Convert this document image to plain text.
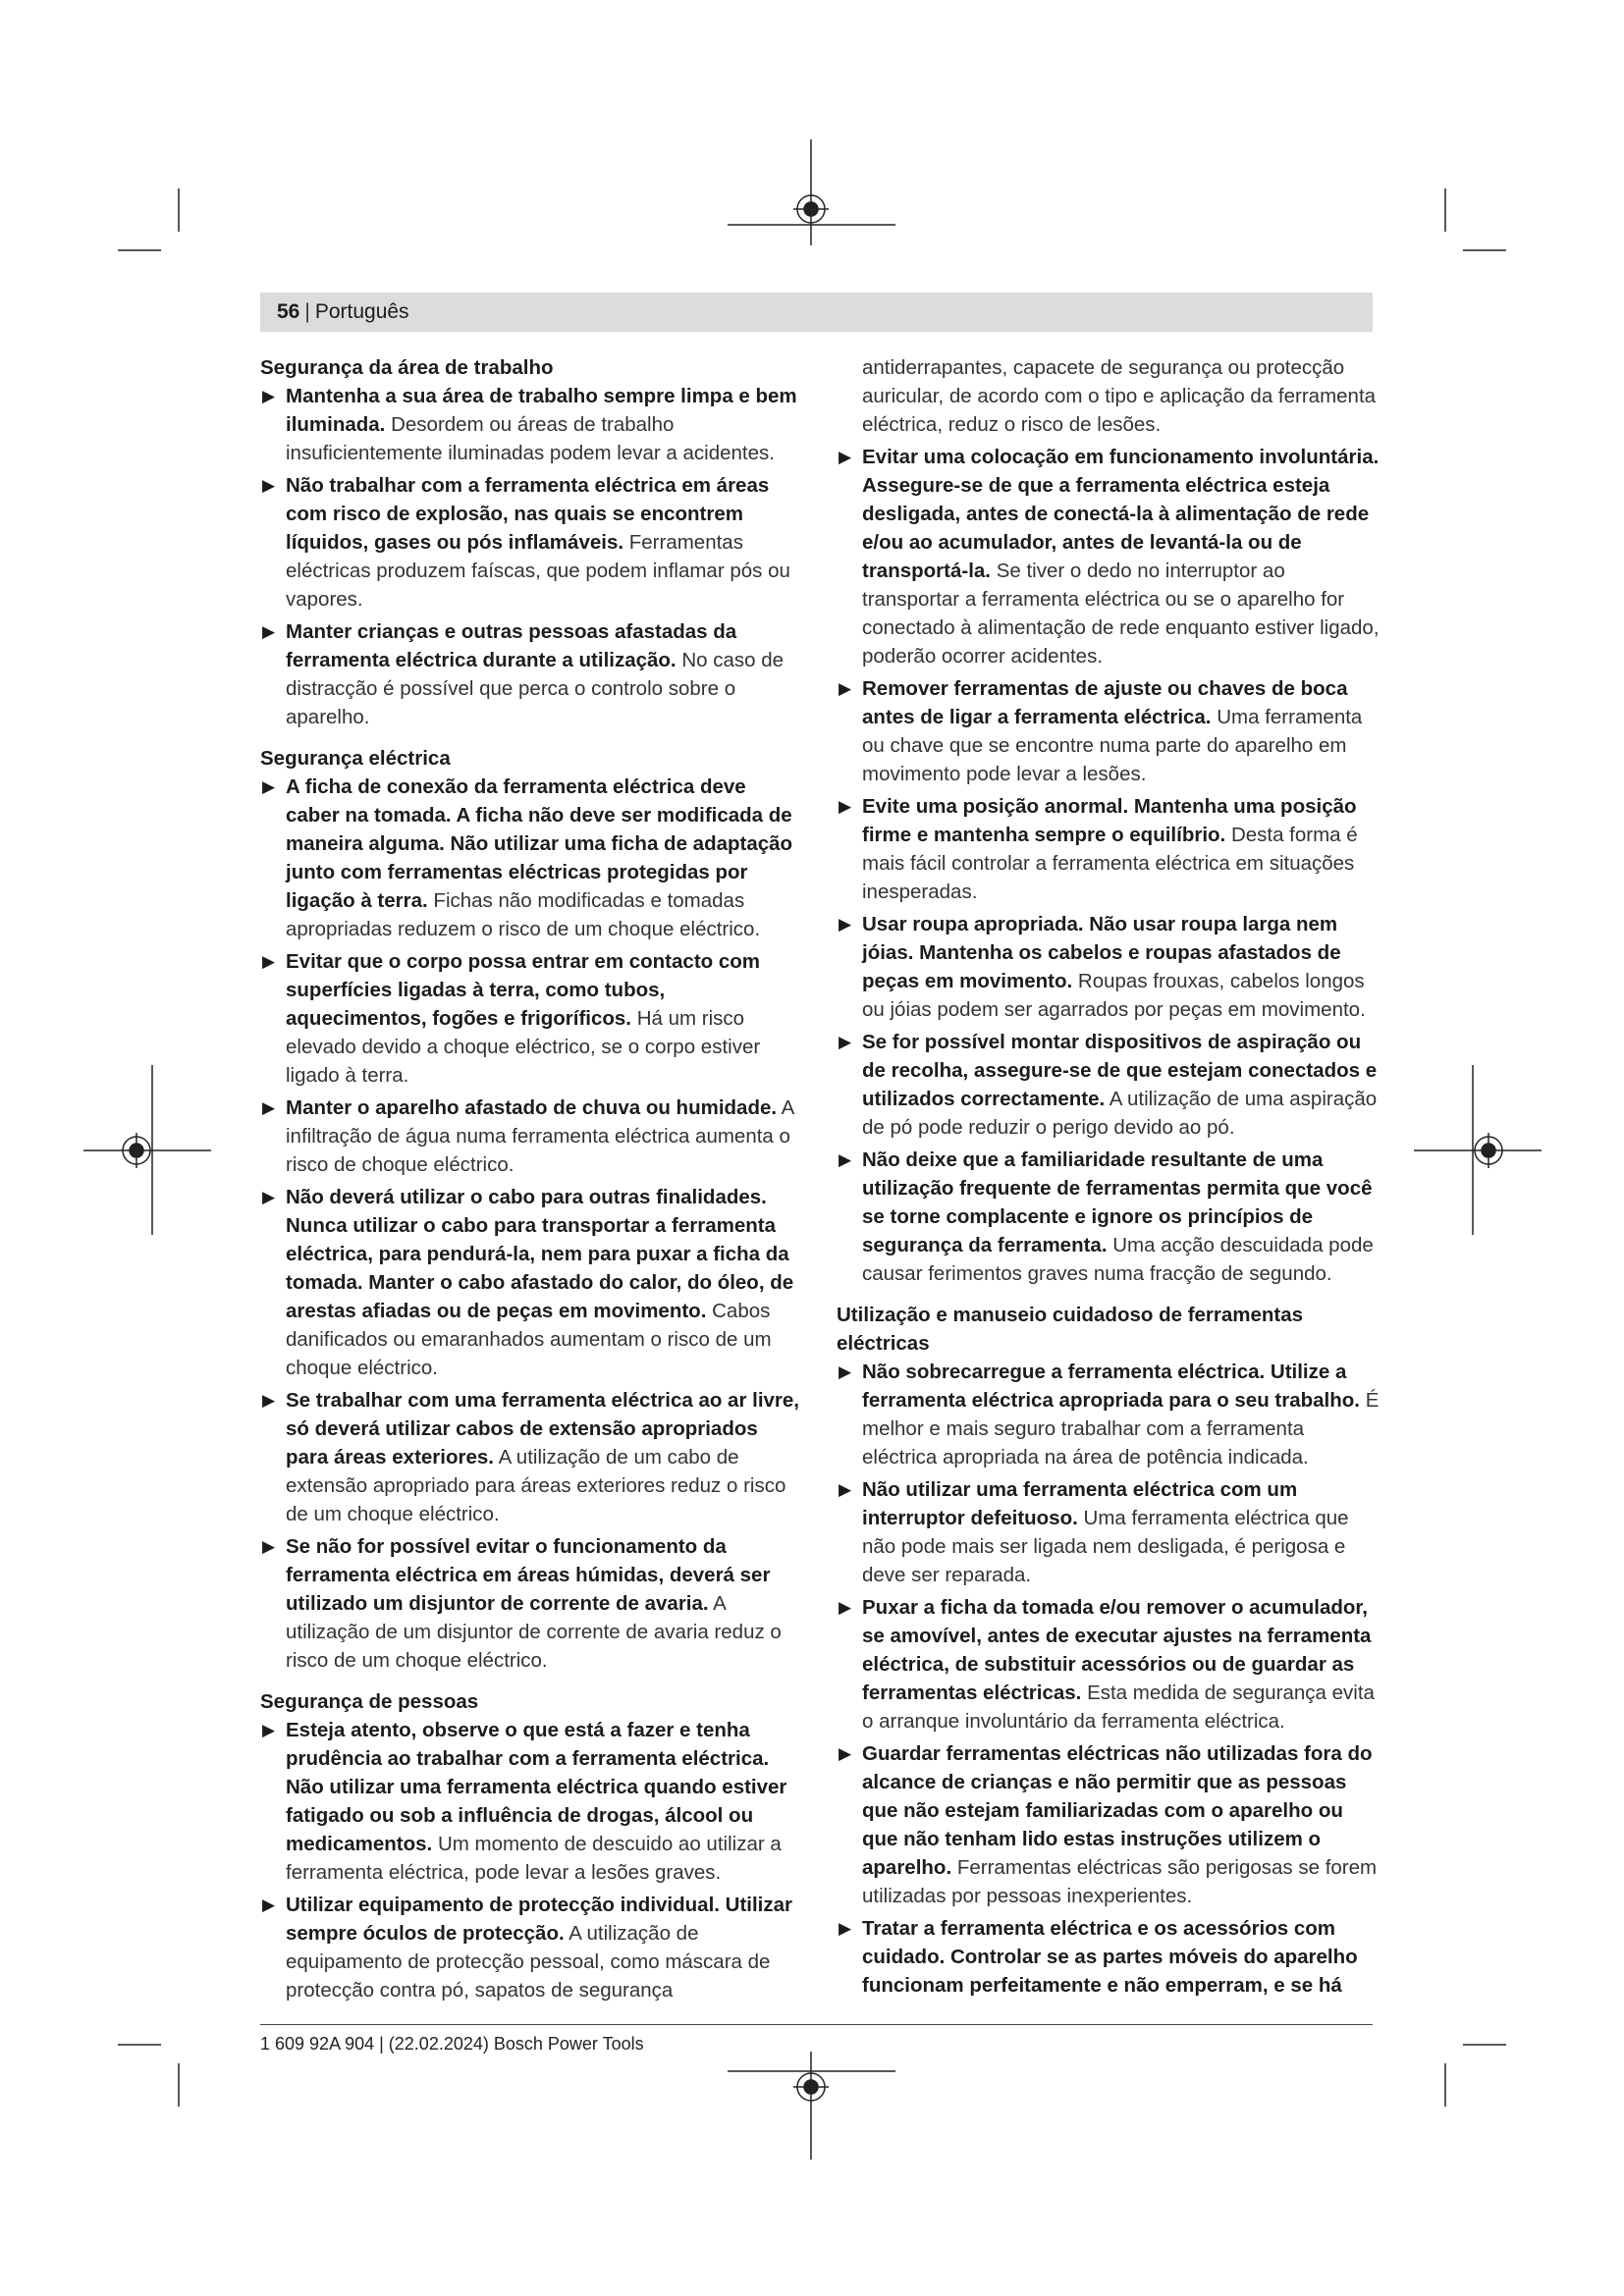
56 | Português

Segurança da área de trabalho

▶ Mantenha a sua área de trabalho sempre limpa e bem iluminada. Desordem ou áreas de trabalho insuficientemente iluminadas podem levar a acidentes.

▶ Não trabalhar com a ferramenta eléctrica em áreas com risco de explosão, nas quais se encontrem líquidos, gases ou pós inflamáveis. Ferramentas eléctricas produzem faíscas, que podem inflamar pós ou vapores.

▶ Manter crianças e outras pessoas afastadas da ferramenta eléctrica durante a utilização. No caso de distracção é possível que perca o controlo sobre o aparelho.

Segurança eléctrica

▶ A ficha de conexão da ferramenta eléctrica deve caber na tomada. A ficha não deve ser modificada de maneira alguma. Não utilizar uma ficha de adaptação junto com ferramentas eléctricas protegidas por ligação à terra. Fichas não modificadas e tomadas apropriadas reduzem o risco de um choque eléctrico.

▶ Evitar que o corpo possa entrar em contacto com superfícies ligadas à terra, como tubos, aquecimentos, fogões e frigoríficos. Há um risco elevado devido a choque eléctrico, se o corpo estiver ligado à terra.

▶ Manter o aparelho afastado de chuva ou humidade. A infiltração de água numa ferramenta eléctrica aumenta o risco de choque eléctrico.

▶ Não deverá utilizar o cabo para outras finalidades. Nunca utilizar o cabo para transportar a ferramenta eléctrica, para pendurá-la, nem para puxar a ficha da tomada. Manter o cabo afastado do calor, do óleo, de arestas afiadas ou de peças em movimento. Cabos danificados ou emaranhados aumentam o risco de um choque eléctrico.

▶ Se trabalhar com uma ferramenta eléctrica ao ar livre, só deverá utilizar cabos de extensão apropriados para áreas exteriores. A utilização de um cabo de extensão apropriado para áreas exteriores reduz o risco de um choque eléctrico.

▶ Se não for possível evitar o funcionamento da ferramenta eléctrica em áreas húmidas, deverá ser utilizado um disjuntor de corrente de avaria. A utilização de um disjuntor de corrente de avaria reduz o risco de um choque eléctrico.

Segurança de pessoas

▶ Esteja atento, observe o que está a fazer e tenha prudência ao trabalhar com a ferramenta eléctrica. Não utilizar uma ferramenta eléctrica quando estiver fatigado ou sob a influência de drogas, álcool ou medicamentos. Um momento de descuido ao utilizar a ferramenta eléctrica, pode levar a lesões graves.

▶ Utilizar equipamento de protecção individual. Utilizar sempre óculos de protecção. A utilização de equipamento de protecção pessoal, como máscara de protecção contra pó, sapatos de segurança

antiderrapantes, capacete de segurança ou protecção auricular, de acordo com o tipo e aplicação da ferramenta eléctrica, reduz o risco de lesões.

▶ Evitar uma colocação em funcionamento involuntária. Assegure-se de que a ferramenta eléctrica esteja desligada, antes de conectá-la à alimentação de rede e/ou ao acumulador, antes de levantá-la ou de transportá-la. Se tiver o dedo no interruptor ao transportar a ferramenta eléctrica ou se o aparelho for conectado à alimentação de rede enquanto estiver ligado, poderão ocorrer acidentes.

▶ Remover ferramentas de ajuste ou chaves de boca antes de ligar a ferramenta eléctrica. Uma ferramenta ou chave que se encontre numa parte do aparelho em movimento pode levar a lesões.

▶ Evite uma posição anormal. Mantenha uma posição firme e mantenha sempre o equilíbrio. Desta forma é mais fácil controlar a ferramenta eléctrica em situações inesperadas.

▶ Usar roupa apropriada. Não usar roupa larga nem jóias. Mantenha os cabelos e roupas afastados de peças em movimento. Roupas frouxas, cabelos longos ou jóias podem ser agarrados por peças em movimento.

▶ Se for possível montar dispositivos de aspiração ou de recolha, assegure-se de que estejam conectados e utilizados correctamente. A utilização de uma aspiração de pó pode reduzir o perigo devido ao pó.

▶ Não deixe que a familiaridade resultante de uma utilização frequente de ferramentas permita que você se torne complacente e ignore os princípios de segurança da ferramenta. Uma acção descuidada pode causar ferimentos graves numa fracção de segundo.

Utilização e manuseio cuidadoso de ferramentas eléctricas

▶ Não sobrecarregue a ferramenta eléctrica. Utilize a ferramenta eléctrica apropriada para o seu trabalho. É melhor e mais seguro trabalhar com a ferramenta eléctrica apropriada na área de potência indicada.

▶ Não utilizar uma ferramenta eléctrica com um interruptor defeituoso. Uma ferramenta eléctrica que não pode mais ser ligada nem desligada, é perigosa e deve ser reparada.

▶ Puxar a ficha da tomada e/ou remover o acumulador, se amovível, antes de executar ajustes na ferramenta eléctrica, de substituir acessórios ou de guardar as ferramentas eléctricas. Esta medida de segurança evita o arranque involuntário da ferramenta eléctrica.

▶ Guardar ferramentas eléctricas não utilizadas fora do alcance de crianças e não permitir que as pessoas que não estejam familiarizadas com o aparelho ou que não tenham lido estas instruções utilizem o aparelho. Ferramentas eléctricas são perigosas se forem utilizadas por pessoas inexperientes.

▶ Tratar a ferramenta eléctrica e os acessórios com cuidado. Controlar se as partes móveis do aparelho funcionam perfeitamente e não emperram, e se há

1 609 92A 904 | (22.02.2024) Bosch Power Tools
